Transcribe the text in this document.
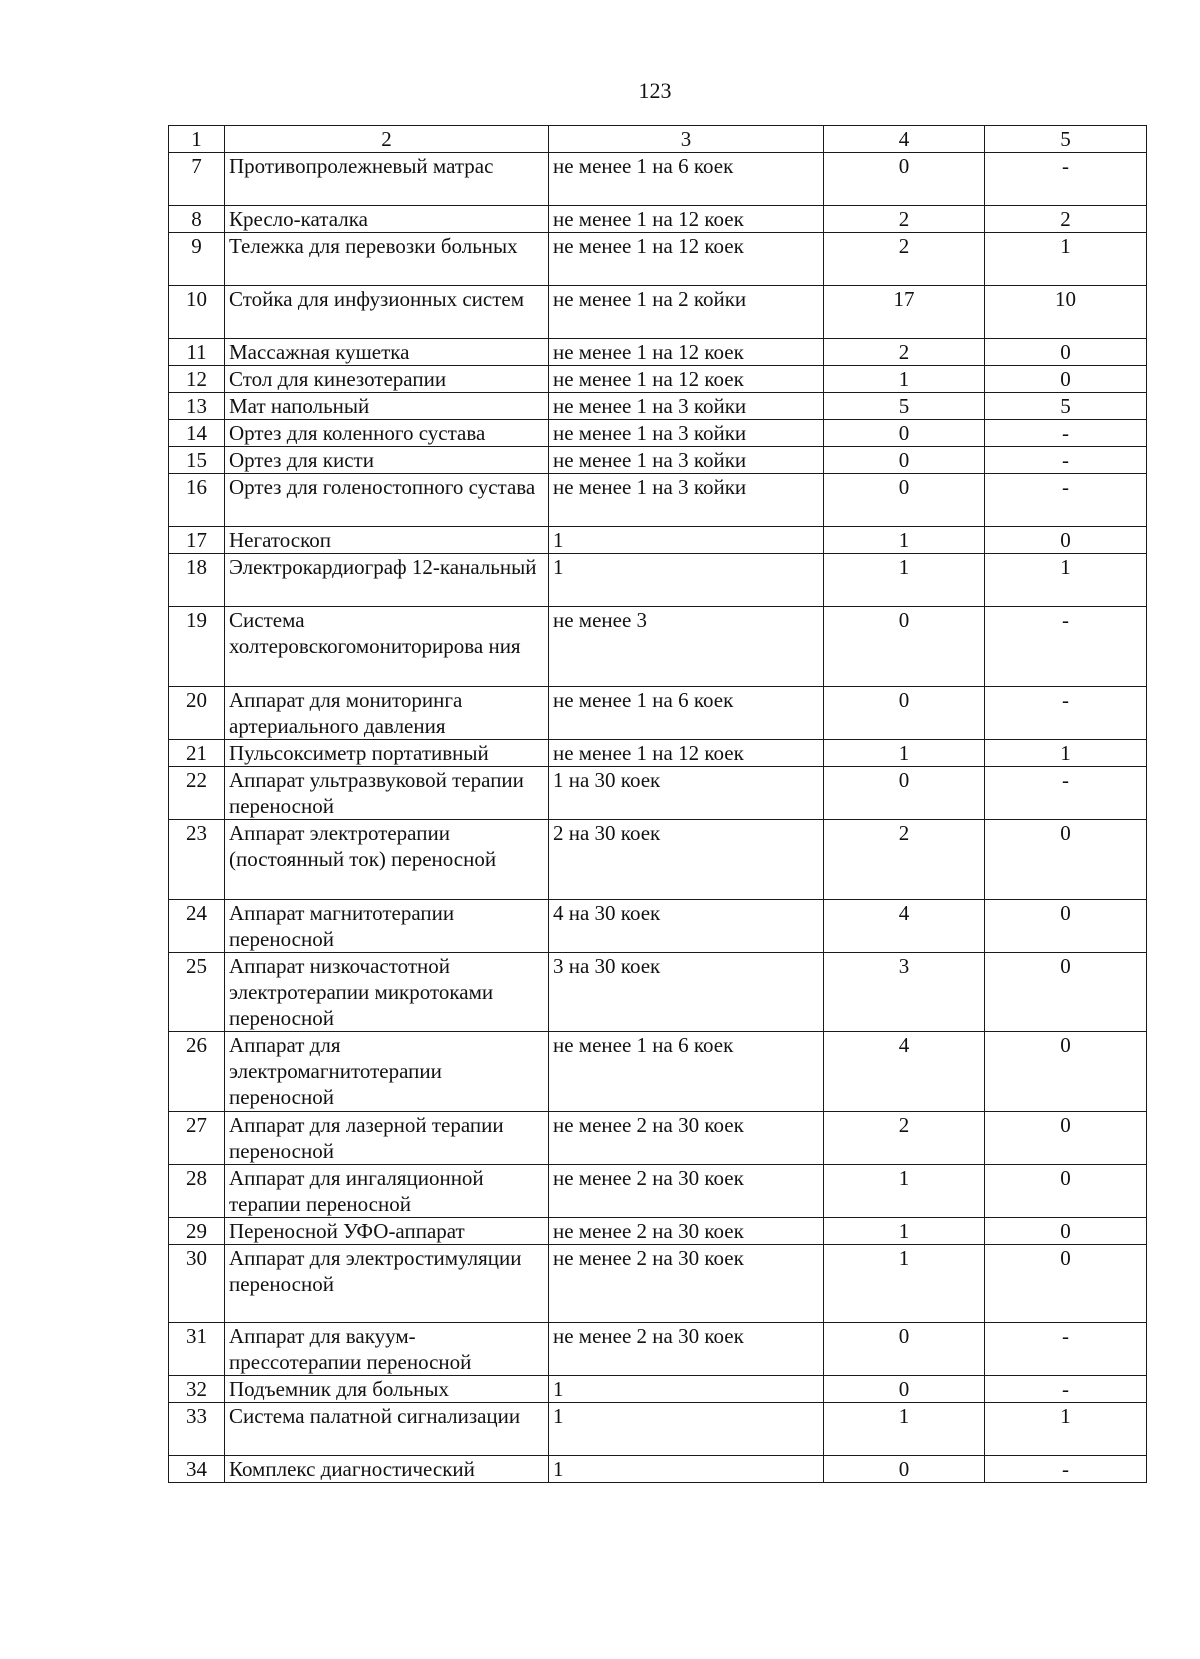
123
1	2	3	4	5
7	Противопролежневый матрас	не менее 1 на 6 коек	0	-
8	Кресло-каталка	не менее 1 на 12 коек	2	2
9	Тележка для перевозки больных	не менее 1 на 12 коек	2	1
10	Стойка для инфузионных систем	не менее 1 на 2 койки	17	10
11	Массажная кушетка	не менее 1 на 12 коек	2	0
12	Стол для кинезотерапии	не менее 1 на 12 коек	1	0
13	Мат напольный	не менее 1 на 3 койки	5	5
14	Ортез для коленного сустава	не менее 1 на 3 койки	0	-
15	Ортез для кисти	не менее 1 на 3 койки	0	-
16	Ортез для голеностопного сустава	не менее 1 на 3 койки	0	-
17	Негатоскоп	1	1	0
18	Электрокардиограф 12-канальный	1	1	1
19	Система холтеровскогомониторирова ния	не менее 3	0	-
20	Аппарат для мониторинга артериального давления	не менее 1 на 6 коек	0	-
21	Пульсоксиметр портативный	не менее 1 на 12 коек	1	1
22	Аппарат ультразвуковой терапии переносной	1 на 30 коек	0	-
23	Аппарат электротерапии (постоянный ток) переносной	2 на 30 коек	2	0
24	Аппарат магнитотерапии переносной	4 на 30 коек	4	0
25	Аппарат низкочастотной электротерапии микротоками переносной	3 на 30 коек	3	0
26	Аппарат для электромагнитотерапии переносной	не менее 1 на 6 коек	4	0
27	Аппарат для лазерной терапии переносной	не менее 2 на 30 коек	2	0
28	Аппарат для ингаляционной терапии переносной	не менее 2 на 30 коек	1	0
29	Переносной УФО-аппарат	не менее 2 на 30 коек	1	0
30	Аппарат для электростимуляции переносной	не менее 2 на 30 коек	1	0
31	Аппарат для вакуум-прессотерапии переносной	не менее 2 на 30 коек	0	-
32	Подъемник для больных	1	0	-
33	Система палатной сигнализации	1	1	1
34	Комплекс диагностический	1	0	-
